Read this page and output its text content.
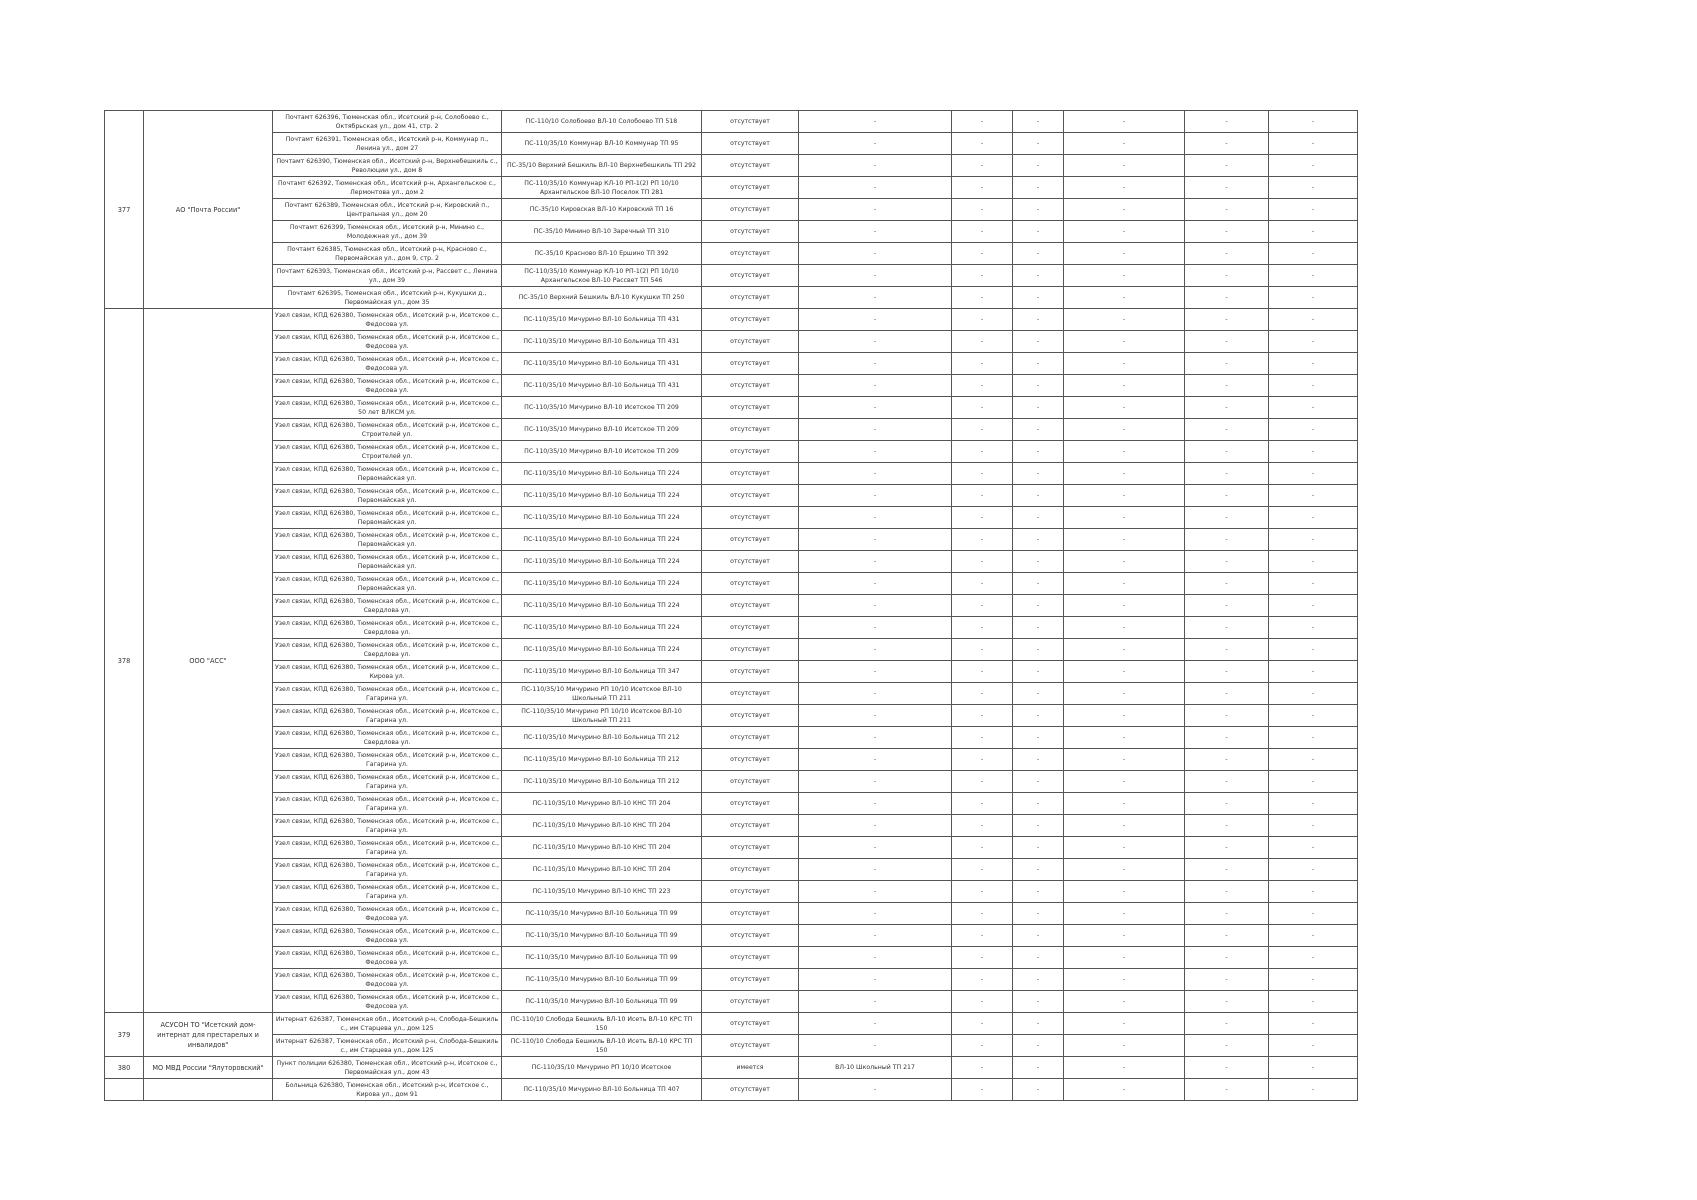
377	АО "Почта России"	Почтамт 626396, Тюменская обл., Исетский р-н, Солобоево с., Октябрьская ул., дом 41, стр. 2	ПС-110/10 Солобоево ВЛ-10 Солобоево ТП 518	отсутствует	-	-	-	-	-	-
		Почтамт 626391, Тюменская обл., Исетский р-н, Коммунар п., Ленина ул., дом 27	ПС-110/35/10 Коммунар ВЛ-10 Коммунар ТП 95	отсутствует	-	-	-	-	-	-
		Почтамт 626390, Тюменская обл., Исетский р-н, Верхнебешкиль с., Революции ул., дом 8	ПС-35/10 Верхний Бешкиль ВЛ-10 Верхнебешкиль ТП 292	отсутствует	-	-	-	-	-	-
		Почтамт 626392, Тюменская обл., Исетский р-н, Архангельское с., Лермонтова ул., дом 2	ПС-110/35/10 Коммунар КЛ-10 РП-1(2) РП 10/10 Архангельское ВЛ-10 Поселок ТП 281	отсутствует	-	-	-	-	-	-
		Почтамт 626389, Тюменская обл., Исетский р-н, Кировский п., Центральная ул., дом 20	ПС-35/10 Кировская ВЛ-10 Кировский ТП 16	отсутствует	-	-	-	-	-	-
		Почтамт 626399, Тюменская обл., Исетский р-н, Минино с., Молодежная ул., дом 39	ПС-35/10 Минино ВЛ-10 Заречный ТП 310	отсутствует	-	-	-	-	-	-
		Почтамт 626385, Тюменская обл., Исетский р-н, Красново с., Первомайская ул., дом 9, стр. 2	ПС-35/10 Красново ВЛ-10 Ершино ТП 392	отсутствует	-	-	-	-	-	-
		Почтамт 626393, Тюменская обл., Исетский р-н, Рассвет с., Ленина ул., дом 39	ПС-110/35/10 Коммунар КЛ-10 РП-1(2) РП 10/10 Архангельское ВЛ-10 Рассвет ТП 546	отсутствует	-	-	-	-	-	-
		Почтамт 626395, Тюменская обл., Исетский р-н, Кукушки д., Первомайская ул., дом 35	ПС-35/10 Верхний Бешкиль ВЛ-10 Кукушки ТП 250	отсутствует	-	-	-	-	-	-
378	ООО "АСС"	Узел связи, КПД 626380, Тюменская обл., Исетский р-н, Исетское с., Федосова ул.	ПС-110/35/10 Мичурино ВЛ-10 Больница ТП 431	отсутствует	-	-	-	-	-	-
		Узел связи, КПД 626380, Тюменская обл., Исетский р-н, Исетское с., Федосова ул.	ПС-110/35/10 Мичурино ВЛ-10 Больница ТП 431	отсутствует	-	-	-	-	-	-
		Узел связи, КПД 626380, Тюменская обл., Исетский р-н, Исетское с., Федосова ул.	ПС-110/35/10 Мичурино ВЛ-10 Больница ТП 431	отсутствует	-	-	-	-	-	-
		Узел связи, КПД 626380, Тюменская обл., Исетский р-н, Исетское с., Федосова ул.	ПС-110/35/10 Мичурино ВЛ-10 Больница ТП 431	отсутствует	-	-	-	-	-	-
		Узел связи, КПД 626380, Тюменская обл., Исетский р-н, Исетское с., 50 лет ВЛКСМ ул.	ПС-110/35/10 Мичурино ВЛ-10 Исетское ТП 209	отсутствует	-	-	-	-	-	-
		Узел связи, КПД 626380, Тюменская обл., Исетский р-н, Исетское с., Строителей ул.	ПС-110/35/10 Мичурино ВЛ-10 Исетское ТП 209	отсутствует	-	-	-	-	-	-
		Узел связи, КПД 626380, Тюменская обл., Исетский р-н, Исетское с., Строителей ул.	ПС-110/35/10 Мичурино ВЛ-10 Исетское ТП 209	отсутствует	-	-	-	-	-	-
		Узел связи, КПД 626380, Тюменская обл., Исетский р-н, Исетское с., Первомайская ул.	ПС-110/35/10 Мичурино ВЛ-10 Больница ТП 224	отсутствует	-	-	-	-	-	-
		Узел связи, КПД 626380, Тюменская обл., Исетский р-н, Исетское с., Первомайская ул.	ПС-110/35/10 Мичурино ВЛ-10 Больница ТП 224	отсутствует	-	-	-	-	-	-
		Узел связи, КПД 626380, Тюменская обл., Исетский р-н, Исетское с., Первомайская ул.	ПС-110/35/10 Мичурино ВЛ-10 Больница ТП 224	отсутствует	-	-	-	-	-	-
		Узел связи, КПД 626380, Тюменская обл., Исетский р-н, Исетское с., Первомайская ул.	ПС-110/35/10 Мичурино ВЛ-10 Больница ТП 224	отсутствует	-	-	-	-	-	-
		Узел связи, КПД 626380, Тюменская обл., Исетский р-н, Исетское с., Первомайская ул.	ПС-110/35/10 Мичурино ВЛ-10 Больница ТП 224	отсутствует	-	-	-	-	-	-
		Узел связи, КПД 626380, Тюменская обл., Исетский р-н, Исетское с., Первомайская ул.	ПС-110/35/10 Мичурино ВЛ-10 Больница ТП 224	отсутствует	-	-	-	-	-	-
		Узел связи, КПД 626380, Тюменская обл., Исетский р-н, Исетское с., Свердлова ул.	ПС-110/35/10 Мичурино ВЛ-10 Больница ТП 224	отсутствует	-	-	-	-	-	-
		Узел связи, КПД 626380, Тюменская обл., Исетский р-н, Исетское с., Свердлова ул.	ПС-110/35/10 Мичурино ВЛ-10 Больница ТП 224	отсутствует	-	-	-	-	-	-
		Узел связи, КПД 626380, Тюменская обл., Исетский р-н, Исетское с., Свердлова ул.	ПС-110/35/10 Мичурино ВЛ-10 Больница ТП 224	отсутствует	-	-	-	-	-	-
		Узел связи, КПД 626380, Тюменская обл., Исетский р-н, Исетское с., Кирова ул.	ПС-110/35/10 Мичурино ВЛ-10 Больница ТП 347	отсутствует	-	-	-	-	-	-
		Узел связи, КПД 626380, Тюменская обл., Исетский р-н, Исетское с., Гагарина ул.	ПС-110/35/10 Мичурино РП 10/10 Исетское ВЛ-10 Школьный ТП 211	отсутствует	-	-	-	-	-	-
		Узел связи, КПД 626380, Тюменская обл., Исетский р-н, Исетское с., Гагарина ул.	ПС-110/35/10 Мичурино РП 10/10 Исетское ВЛ-10 Школьный ТП 211	отсутствует	-	-	-	-	-	-
		Узел связи, КПД 626380, Тюменская обл., Исетский р-н, Исетское с., Свердлова ул.	ПС-110/35/10 Мичурино ВЛ-10 Больница ТП 212	отсутствует	-	-	-	-	-	-
		Узел связи, КПД 626380, Тюменская обл., Исетский р-н, Исетское с., Гагарина ул.	ПС-110/35/10 Мичурино ВЛ-10 Больница ТП 212	отсутствует	-	-	-	-	-	-
		Узел связи, КПД 626380, Тюменская обл., Исетский р-н, Исетское с., Гагарина ул.	ПС-110/35/10 Мичурино ВЛ-10 Больница ТП 212	отсутствует	-	-	-	-	-	-
		Узел связи, КПД 626380, Тюменская обл., Исетский р-н, Исетское с., Гагарина ул.	ПС-110/35/10 Мичурино ВЛ-10 КНС ТП 204	отсутствует	-	-	-	-	-	-
		Узел связи, КПД 626380, Тюменская обл., Исетский р-н, Исетское с., Гагарина ул.	ПС-110/35/10 Мичурино ВЛ-10 КНС ТП 204	отсутствует	-	-	-	-	-	-
		Узел связи, КПД 626380, Тюменская обл., Исетский р-н, Исетское с., Гагарина ул.	ПС-110/35/10 Мичурино ВЛ-10 КНС ТП 204	отсутствует	-	-	-	-	-	-
		Узел связи, КПД 626380, Тюменская обл., Исетский р-н, Исетское с., Гагарина ул.	ПС-110/35/10 Мичурино ВЛ-10 КНС ТП 204	отсутствует	-	-	-	-	-	-
		Узел связи, КПД 626380, Тюменская обл., Исетский р-н, Исетское с., Гагарина ул.	ПС-110/35/10 Мичурино ВЛ-10 КНС ТП 223	отсутствует	-	-	-	-	-	-
		Узел связи, КПД 626380, Тюменская обл., Исетский р-н, Исетское с., Федосова ул.	ПС-110/35/10 Мичурино ВЛ-10 Больница ТП 99	отсутствует	-	-	-	-	-	-
		Узел связи, КПД 626380, Тюменская обл., Исетский р-н, Исетское с., Федосова ул.	ПС-110/35/10 Мичурино ВЛ-10 Больница ТП 99	отсутствует	-	-	-	-	-	-
		Узел связи, КПД 626380, Тюменская обл., Исетский р-н, Исетское с., Федосова ул.	ПС-110/35/10 Мичурино ВЛ-10 Больница ТП 99	отсутствует	-	-	-	-	-	-
		Узел связи, КПД 626380, Тюменская обл., Исетский р-н, Исетское с., Федосова ул.	ПС-110/35/10 Мичурино ВЛ-10 Больница ТП 99	отсутствует	-	-	-	-	-	-
		Узел связи, КПД 626380, Тюменская обл., Исетский р-н, Исетское с., Федосова ул.	ПС-110/35/10 Мичурино ВЛ-10 Больница ТП 99	отсутствует	-	-	-	-	-	-
379	АСУСОН ТО "Исетский дом-интернат для престарелых и инвалидов"	Интернат 626387, Тюменская обл., Исетский р-н, Слобода-Бешкиль с., им Старцева ул., дом 125	ПС-110/10 Слобода Бешкиль ВЛ-10 Исеть ВЛ-10 КРС ТП 150	отсутствует	-	-	-	-	-	-
		Интернат 626387, Тюменская обл., Исетский р-н, Слобода-Бешкиль с., им Старцева ул., дом 125	ПС-110/10 Слобода Бешкиль ВЛ-10 Исеть ВЛ-10 КРС ТП 150	отсутствует	-	-	-	-	-	-
380	МО МВД России "Ялуторовский"	Пункт полиции 626380, Тюменская обл., Исетский р-н, Исетское с., Первомайская ул., дом 43	ПС-110/35/10 Мичурино РП 10/10 Исетское	имеется	ВЛ-10 Школьный ТП 217	-	-	-	-	-
		Больница 626380, Тюменская обл., Исетский р-н, Исетское с., Кирова ул., дом 91	ПС-110/35/10 Мичурино ВЛ-10 Больница ТП 407	отсутствует	-	-	-	-	-	-
